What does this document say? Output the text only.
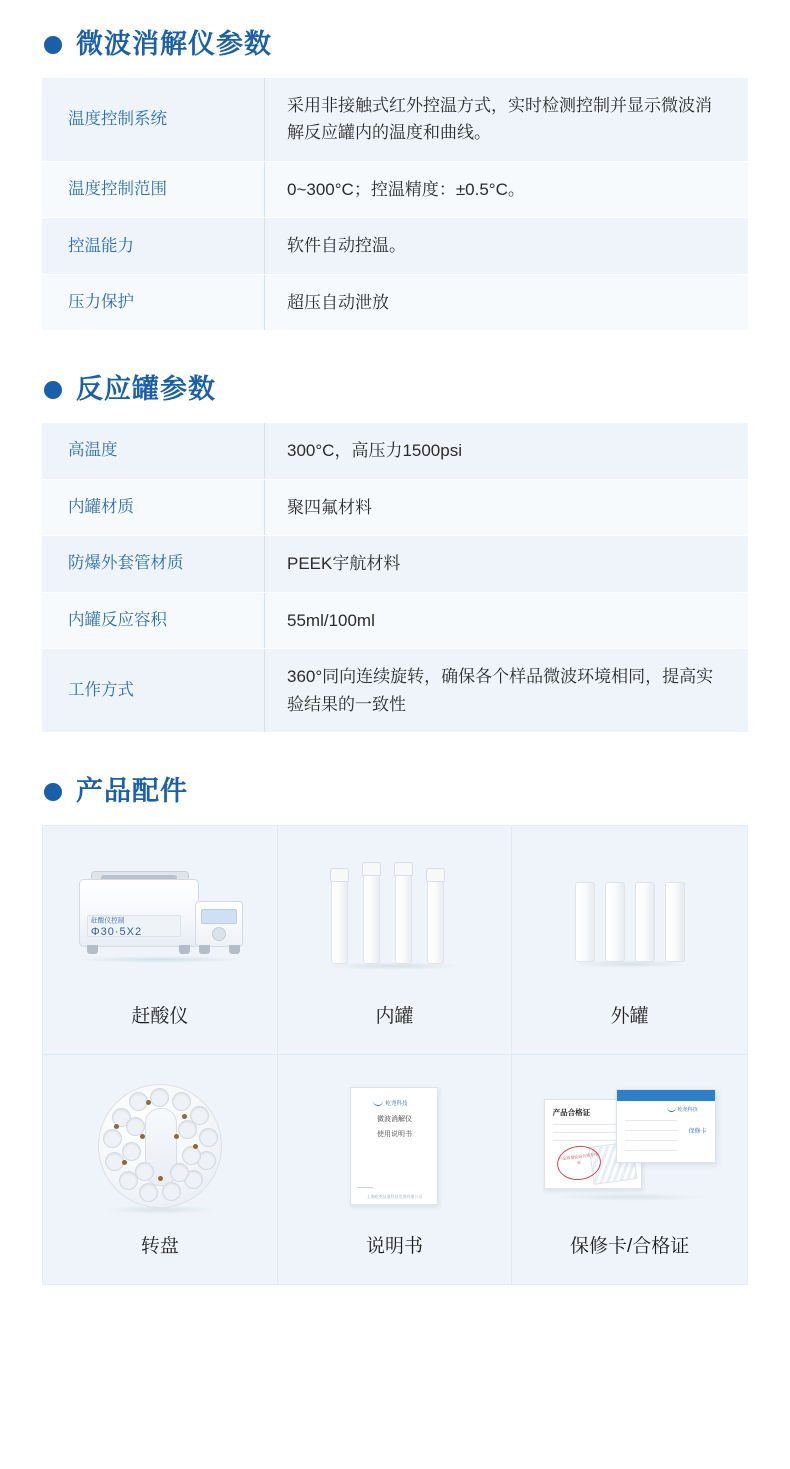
微波消解仪参数
温度控制系统	采用非接触式红外控温方式，实时检测控制并显示微波消解反应罐内的温度和曲线。
温度控制范围	0~300°C；控温精度：±0.5°C。
控温能力	软件自动控温。
压力保护	超压自动泄放
反应罐参数
高温度	300°C，高压力1500psi
内罐材质	聚四氟材料
防爆外套管材质	PEEK宇航材料
内罐反应容积	55ml/100ml
工作方式	360°同向连续旋转，确保各个样品微波环境相同，提高实验结果的一致性
产品配件
赶酸仪控制
Φ30·5X2
赶酸仪	内罐	外罐
转盘
屹尧科技
微波消解仪
使用说明书
上海屹尧仪器科技发展有限公司
说明书
产品合格证
产品质量检验合格专用章
屹尧科技
保修卡
保修卡/合格证
